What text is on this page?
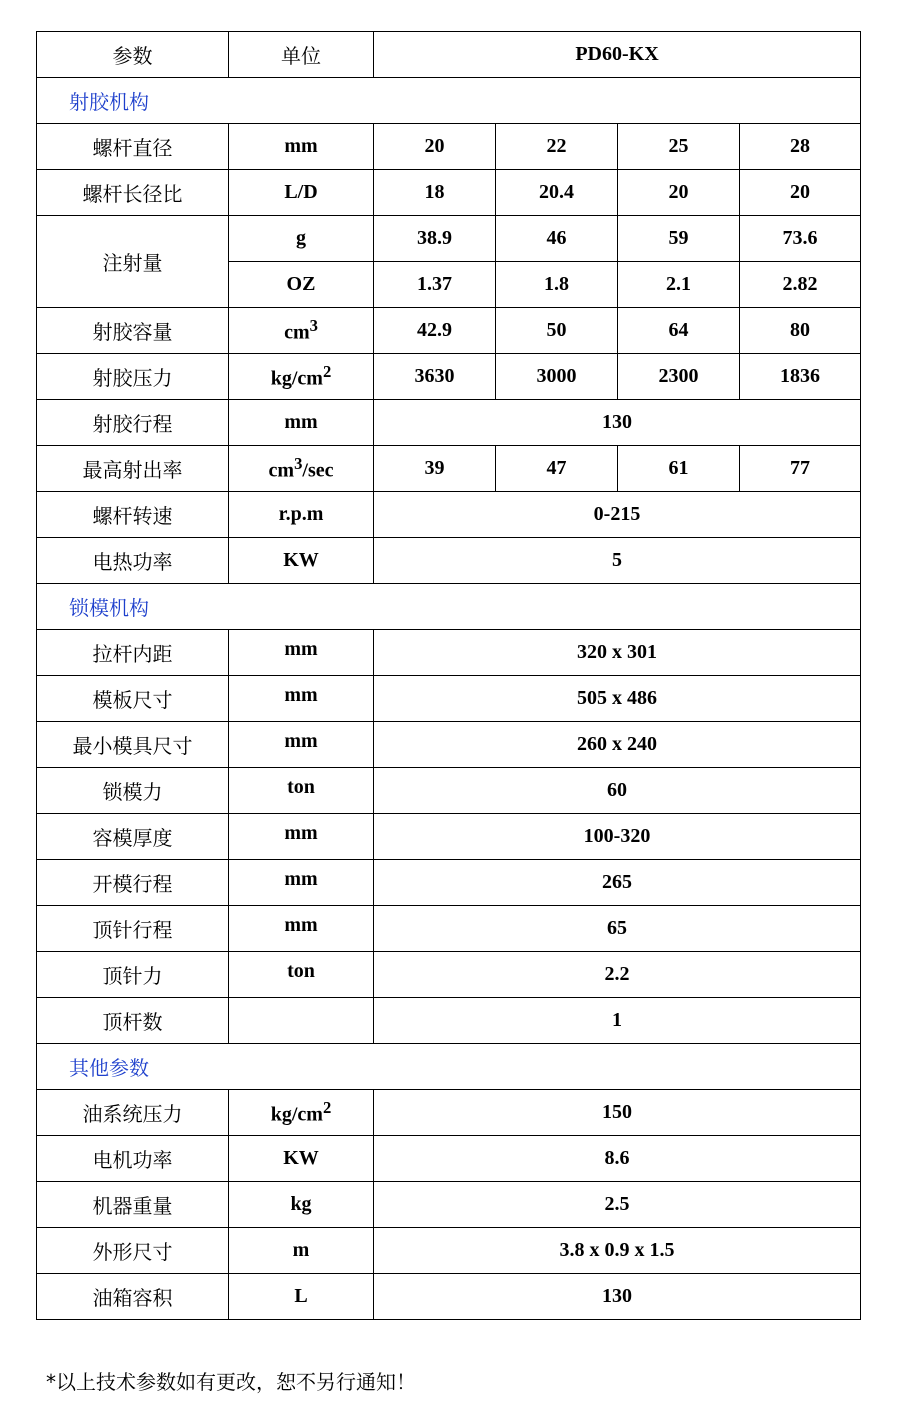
参数	单位	PD60-KX			
射胶机构					
螺杆直径	mm	20	22	25	28
螺杆长径比	L/D	18	20.4	20	20
注射量	g	38.9	46	59	73.6
	OZ	1.37	1.8	2.1	2.82
射胶容量	$cm^3$	42.9	50	64	80
射胶压力	$kg/cm^2$	3630	3000	2300	1836
射胶行程	mm	130			
最高射出率	$cm^3/\sec$	39	47	61	77
螺杆转速	r.p.m	0-215			
电热功率	KW	5			
锁模机构					
拉杆内距	mm	320 x 301			
模板尺寸	mm	505 x 486			
最小模具尺寸	mm	260 x 240			
锁模力	ton	60			
容模厚度	mm	100-320			
开模行程	mm	265			
顶针行程	mm	65			
顶针力	ton	2.2			
顶杆数		1			
其他参数					
油系统压力	$kg/cm^2$	150			
电机功率	KW	8.6			
机器重量	kg	2.5			
外形尺寸	m	3.8 x 0.9 x 1.5			
油箱容积	L	130			
*以上技术参数如有更改，恕不另行通知！
